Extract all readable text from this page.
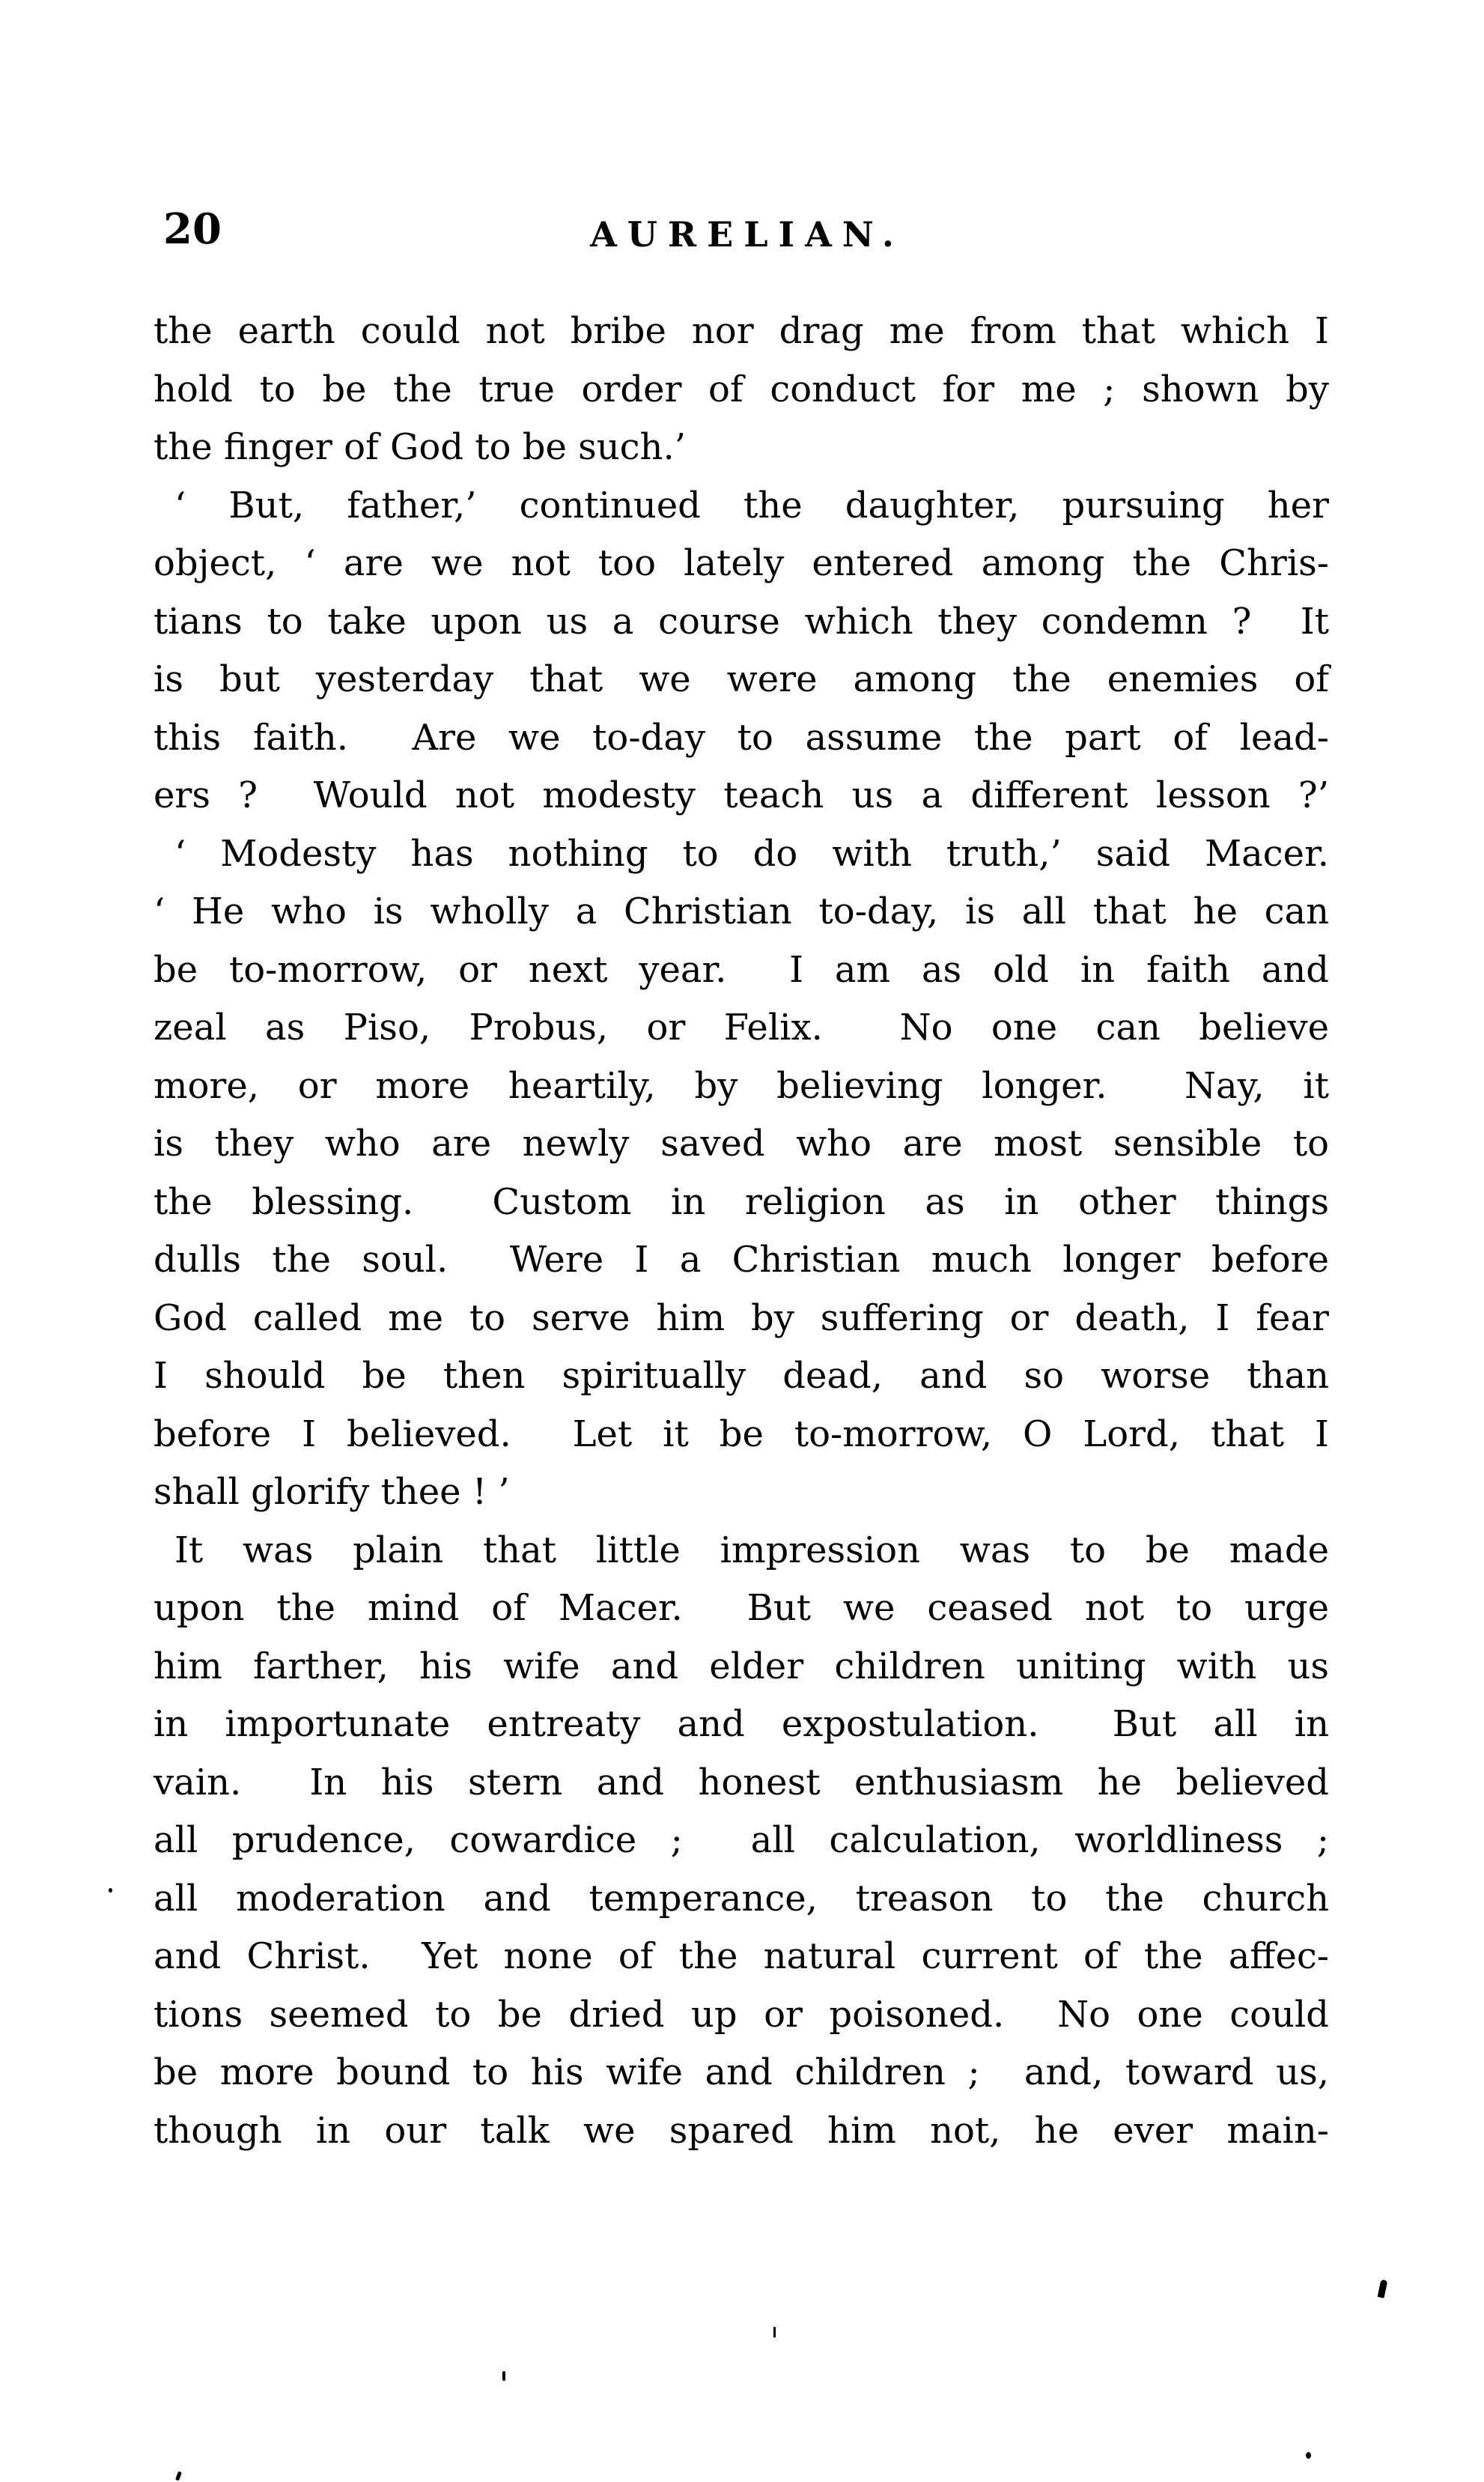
20	AURELIAN.
the earth could not bribe nor drag me from that which I
hold to be the true order of conduct for me ; shown by
the finger of God to be such.’
‘ But, father,’ continued the daughter, pursuing her
object, ‘ are we not too lately entered among the Chris-
tians to take upon us a course which they condemn ?  It
is but yesterday that we were among the enemies of
this faith.  Are we to-day to assume the part of lead-
ers ?  Would not modesty teach us a different lesson ?’
‘ Modesty has nothing to do with truth,’ said Macer.
‘ He who is wholly a Christian to-day, is all that he can
be to-morrow, or next year.  I am as old in faith and
zeal as Piso, Probus, or Felix.  No one can believe
more, or more heartily, by believing longer.  Nay, it
is they who are newly saved who are most sensible to
the blessing.  Custom in religion as in other things
dulls the soul.  Were I a Christian much longer before
God called me to serve him by suffering or death, I fear
I should be then spiritually dead, and so worse than
before I believed.  Let it be to-morrow, O Lord, that I
shall glorify thee ! ’
It was plain that little impression was to be made
upon the mind of Macer.  But we ceased not to urge
him farther, his wife and elder children uniting with us
in importunate entreaty and expostulation.  But all in
vain.  In his stern and honest enthusiasm he believed
all prudence, cowardice ;  all calculation, worldliness ;
all moderation and temperance, treason to the church
and Christ.  Yet none of the natural current of the affec-
tions seemed to be dried up or poisoned.  No one could
be more bound to his wife and children ;  and, toward us,
though in our talk we spared him not, he ever main-
